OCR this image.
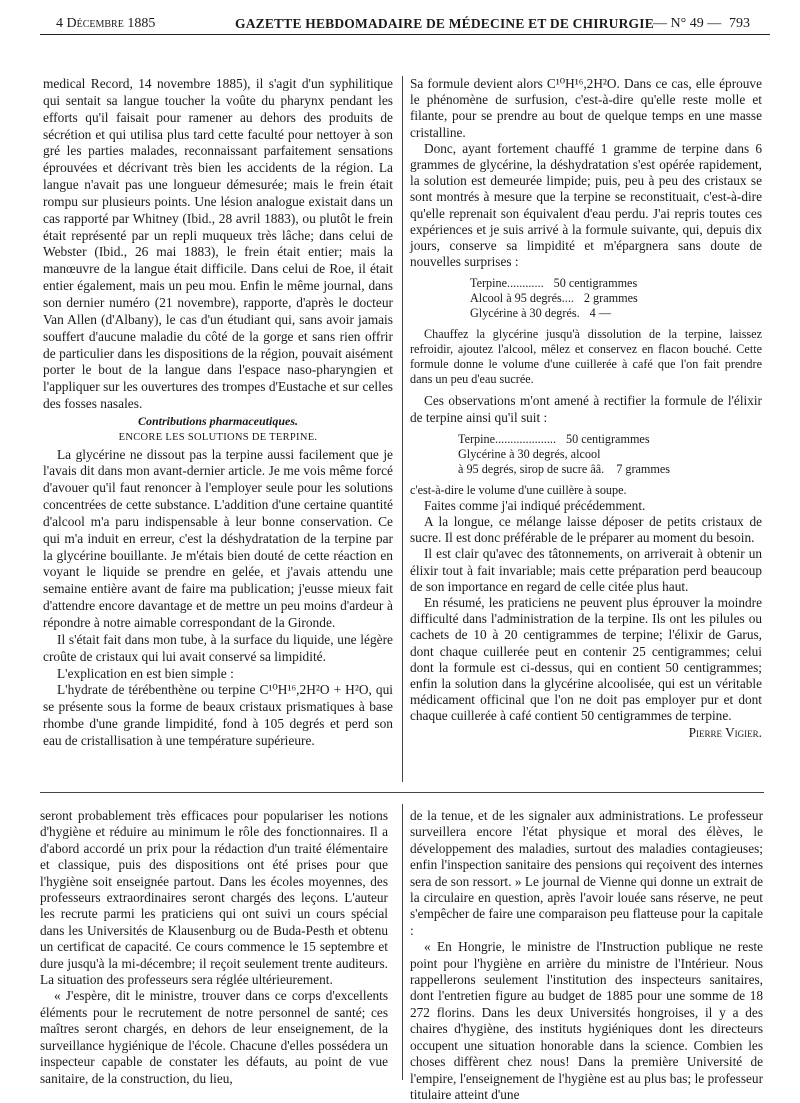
4 Décembre 1885	GAZETTE HEBDOMADAIRE DE MÉDECINE ET DE CHIRURGIE — N° 49 — 793

medical Record, 14 novembre 1885), il s'agit d'un syphilitique qui sentait sa langue toucher la voûte du pharynx pendant les efforts qu'il faisait pour ramener au dehors des produits de sécrétion et qui utilisa plus tard cette faculté pour nettoyer à son gré les parties malades, reconnaissant parfaitement sensations éprouvées et décrivant très bien les accidents de la région. La langue n'avait pas une longueur démesurée; mais le frein était rompu sur plusieurs points. Une lésion analogue existait dans un cas rapporté par Whitney (Ibid., 28 avril 1883), ou plutôt le frein était représenté par un repli muqueux très lâche; dans celui de Webster (Ibid., 26 mai 1883), le frein était entier; mais la manœuvre de la langue était difficile. Dans celui de Roe, il était entier également, mais un peu mou. Enfin le même journal, dans son dernier numéro (21 novembre), rapporte, d'après le docteur Van Allen (d'Albany), le cas d'un étudiant qui, sans avoir jamais souffert d'aucune maladie du côté de la gorge et sans rien offrir de particulier dans les dispositions de la région, pouvait aisément porter le bout de la langue dans l'espace naso-pharyngien et l'appliquer sur les ouvertures des trompes d'Eustache et sur celles des fosses nasales.

Contributions pharmaceutiques.

ENCORE LES SOLUTIONS DE TERPINE.

La glycérine ne dissout pas la terpine aussi facilement que je l'avais dit dans mon avant-dernier article. Je me vois même forcé d'avouer qu'il faut renoncer à l'employer seule pour les solutions concentrées de cette substance. L'addition d'une certaine quantité d'alcool m'a paru indispensable à leur bonne conservation. Ce qui m'a induit en erreur, c'est la déshydratation de la terpine par la glycérine bouillante. Je m'étais bien douté de cette réaction en voyant le liquide se prendre en gelée, et j'avais attendu une semaine entière avant de faire ma publication; j'eusse mieux fait d'attendre encore davantage et de mettre un peu moins d'ardeur à répondre à notre aimable correspondant de la Gironde.

Il s'était fait dans mon tube, à la surface du liquide, une légère croûte de cristaux qui lui avait conservé sa limpidité.

L'explication en est bien simple :

L'hydrate de térébenthène ou terpine C¹⁰H¹⁶,2H²O + H²O, qui se présente sous la forme de beaux cristaux prismatiques à base rhombe d'une grande limpidité, fond à 105 degrés et perd son eau de cristallisation à une température supérieure.

Sa formule devient alors C¹⁰H¹⁶,2H²O. Dans ce cas, elle éprouve le phénomène de surfusion, c'est-à-dire qu'elle reste molle et filante, pour se prendre au bout de quelque temps en une masse cristalline.

Donc, ayant fortement chauffé 1 gramme de terpine dans 6 grammes de glycérine, la déshydratation s'est opérée rapidement, la solution est demeurée limpide; puis, peu à peu des cristaux se sont montrés à mesure que la terpine se reconstituait, c'est-à-dire qu'elle reprenait son équivalent d'eau perdu. J'ai repris toutes ces expériences et je suis arrivé à la formule suivante, qui, depuis dix jours, conserve sa limpidité et m'épargnera sans doute de nouvelles surprises :

Terpine ............ 50 centigrammes
Alcool à 95 degrés .... 2 grammes
Glycérine à 30 degrés . 4 —

Chauffez la glycérine jusqu'à dissolution de la terpine, laissez refroidir, ajoutez l'alcool, mêlez et conservez en flacon bouché. Cette formule donne le volume d'une cuillerée à café que l'on fait prendre dans un peu d'eau sucrée.

Ces observations m'ont amené à rectifier la formule de l'élixir de terpine ainsi qu'il suit :

Terpine .................... 50 centigrammes
Glycérine à 30 degrés, alcool
à 95 degrés, sirop de sucre ââ. 7 grammes

c'est-à-dire le volume d'une cuillère à soupe.

Faites comme j'ai indiqué précédemment.

A la longue, ce mélange laisse déposer de petits cristaux de sucre. Il est donc préférable de le préparer au moment du besoin.

Il est clair qu'avec des tâtonnements, on arriverait à obtenir un élixir tout à fait invariable; mais cette préparation perd beaucoup de son importance en regard de celle citée plus haut.

En résumé, les praticiens ne peuvent plus éprouver la moindre difficulté dans l'administration de la terpine. Ils ont les pilules ou cachets de 10 à 20 centigrammes de terpine; l'élixir de Garus, dont chaque cuillerée peut en contenir 25 centigrammes; celui dont la formule est ci-dessus, qui en contient 50 centigrammes; enfin la solution dans la glycérine alcoolisée, qui est un véritable médicament officinal que l'on ne doit pas employer pur et dont chaque cuillerée à café contient 50 centigrammes de terpine.

Pierre Vigier.

seront probablement très efficaces pour populariser les notions d'hygiène et réduire au minimum le rôle des fonctionnaires. Il a d'abord accordé un prix pour la rédaction d'un traité élémentaire et classique, puis des dispositions ont été prises pour que l'hygiène soit enseignée partout. Dans les écoles moyennes, des professeurs extraordinaires seront chargés des leçons. L'auteur les recrute parmi les praticiens qui ont suivi un cours spécial dans les Universités de Klausenburg ou de Buda-Pesth et obtenu un certificat de capacité. Ce cours commence le 15 septembre et dure jusqu'à la mi-décembre; il reçoit seulement trente auditeurs. La situation des professeurs sera réglée ultérieurement.

« J'espère, dit le ministre, trouver dans ce corps d'excellents éléments pour le recrutement de notre personnel de santé; ces maîtres seront chargés, en dehors de leur enseignement, de la surveillance hygiénique de l'école. Chacune d'elles possédera un inspecteur capable de constater les défauts, au point de vue sanitaire, de la construction, du lieu,

de la tenue, et de les signaler aux administrations. Le professeur surveillera encore l'état physique et moral des élèves, le développement des maladies, surtout des maladies contagieuses; enfin l'inspection sanitaire des pensions qui reçoivent des internes sera de son ressort. » Le journal de Vienne qui donne un extrait de la circulaire en question, après l'avoir louée sans réserve, ne peut s'empêcher de faire une comparaison peu flatteuse pour la capitale :

« En Hongrie, le ministre de l'Instruction publique ne reste point pour l'hygiène en arrière du ministre de l'Intérieur. Nous rappellerons seulement l'institution des inspecteurs sanitaires, dont l'entretien figure au budget de 1885 pour une somme de 18 272 florins. Dans les deux Universités hongroises, il y a des chaires d'hygiène, des instituts hygiéniques dont les directeurs occupent une situation honorable dans la science. Combien les choses diffèrent chez nous! Dans la première Université de l'empire, l'enseignement de l'hygiène est au plus bas; le professeur titulaire atteint d'une
